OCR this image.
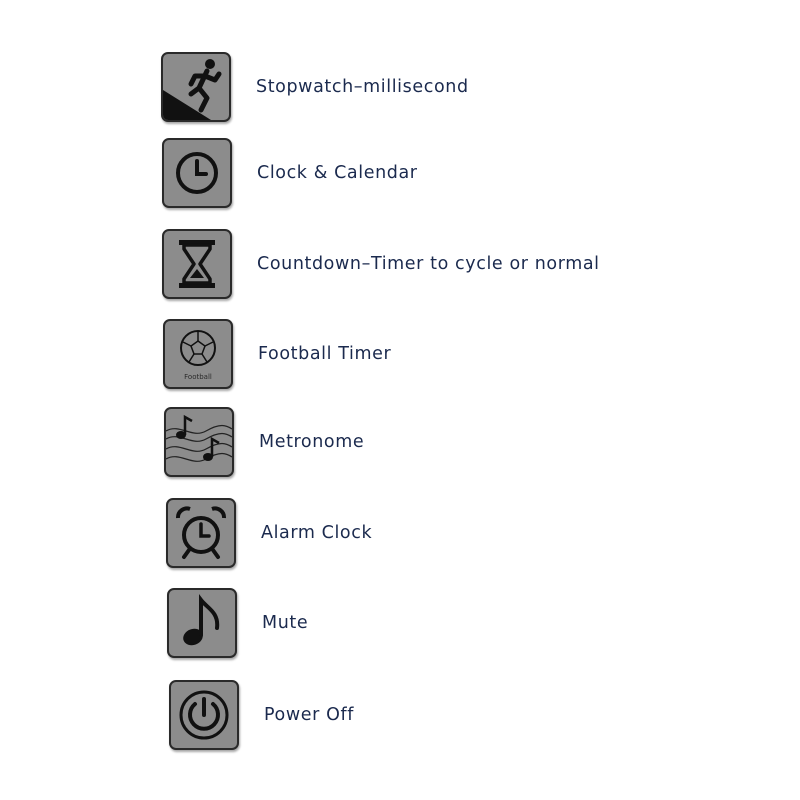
Stopwatch–millisecond
Clock & Calendar
Countdown–Timer to cycle or normal
Football
Football Timer
Metronome
Alarm Clock
Mute
Power Off
